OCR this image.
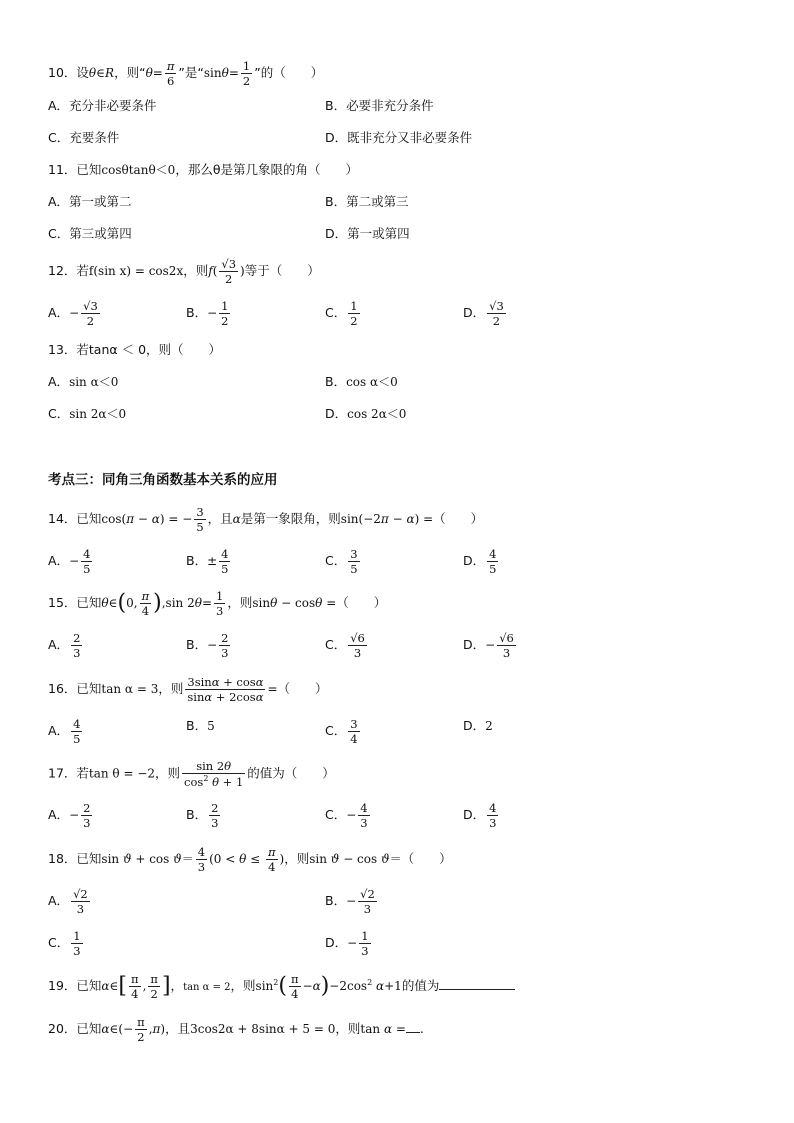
10．设θ∈R，则“$\theta= \frac{\pi}{6}$ ”是“$\sin\theta= \frac{1}{2}$ ”的（　　）
A．充分非必要条件	B．必要非充分条件
C．充要条件	D．既非充分又非必要条件
11．已知cosθtanθ＜0，那么θ是第几象限的角（　　）
A．第一或第二	B．第二或第三
C．第三或第四	D．第一或第四
12．若f(sin x) = cos2x，则$f( \frac{√3}{2}$ )等于（　　）
A．− $\frac{√3}{2}$	B．− $\frac{1}{2}$	C． $\frac{1}{2}$	D． $\frac{√3}{2}$
13．若tanα ＜ 0，则（　　）
A．sin α＜0	B．cos α＜0
C．sin 2α＜0	D．cos 2α＜0
考点三：同角三角函数基本关系的应用
14．已知cos(π − α) = − $\frac{3}{5}$ ，且α是第一象限角，则sin(−2π − α) =（　　）
A．− $\frac{4}{5}$	B．± $\frac{4}{5}$	C． $\frac{3}{5}$	D． $\frac{4}{5}$
15．已知θ∈(0, $\frac{\pi}{4} ),\sin$ $2\theta= \frac{1}{3}$ ，则sinθ − cosθ =（　　）
A． $\frac{2}{3}$	B．− $\frac{2}{3}$	C． $\frac{√6}{3}$	D．− $\frac{√6}{3}$
16．已知tan α = 3，则 $\frac{3\sin\alpha + \cos\alpha}{\sin\alpha + 2\cos\alpha}$ =（　　）
A． $\frac{4}{5}$	B．5	C． $\frac{3}{4}$	D．2
17．若tan θ = −2，则 $\frac{\sin 2\theta}{\cos^2 \theta + 1}$ 的值为（　　）
A．− $\frac{2}{3}$	B． $\frac{2}{3}$	C．− $\frac{4}{3}$	D． $\frac{4}{3}$
18．已知$\sin ϑ + \cos ϑ= \frac{4}{3} (0 < \theta \le \frac{\pi}{4}$ )，则sin ϑ − cos ϑ＝（　　）
A． $\frac{√2}{3}$	B．− $\frac{√2}{3}$
C． $\frac{1}{3}$	D．− $\frac{1}{3}$
19．已知α∈[ $\frac{\pi}{4}$ , $\frac{\pi}{2}$ ]，tan α = 2，则$\sin^2( \frac{\pi}{4} -\alpha)-2\cos^2$ α+1的值为
20．已知α∈(− $\frac{\pi}{2} ,\pi$)，且3cos2α + 8sinα + 5 = 0，则tan α = .
